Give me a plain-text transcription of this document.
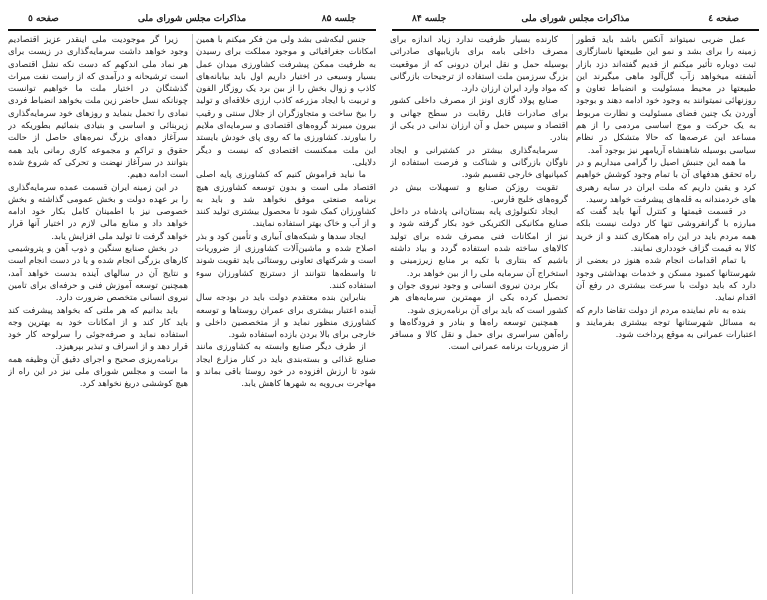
جلسه ۸۵
مذاکرات مجلس شورای ملی
صفحه ٥

زیرا گر موجودیت ملی اینقدر عزیز اقتصادیم وجود خواهد داشت سرمایه‌گذاری در زیست برای هر نماد ملی اندکهم که دست نکه نشل اقتصادی است ترشیحانه و درآمدی که از راست نفت میراث گذشتگان در اختیار ملت ما خواهیم توانست چونانکه نسل حاضر زین ملت بخواهد انضباط فردی نمادی را تحمل بنماید و روزهای خود سرمایه‌گذاری زیربنائی و اساسی و بنیادی بنمائیم بطوریکه در سرآغاز دهه‌ای بزرگ نمره‌های حاصل از حالت حقوق و تراکم و مجموعه کاری رمانی باید همه بتوانند در سرآغاز نهضت و تحرکی که شروع شده است ادامه دهیم.

در این زمینه ایران قسمت عمده سرمایه‌گذاری را بر عهده دولت و بخش عمومی گذاشته و بخش خصوصی نیز با اطمینان کامل بکار خود ادامه خواهد داد و منابع مالی لازم در اختیار آنها قرار خواهد گرفت تا تولید ملی افزایش یابد.

در بخش صنایع سنگین و ذوب آهن و پتروشیمی کارهای بزرگی انجام شده و یا در دست انجام است و نتایج آن در سالهای آینده بدست خواهد آمد، همچنین توسعه آموزش فنی و حرفه‌ای برای تامین نیروی انسانی متخصص ضرورت دارد.

باید بدانیم که هر ملتی که بخواهد پیشرفت کند باید کار کند و از امکانات خود به بهترین وجه استفاده نماید و صرفه‌جوئی را سرلوحه کار خود قرار دهد و از اسراف و تبذیر بپرهیزد.

برنامه‌ریزی صحیح و اجرای دقیق آن وظیفه همه ما است و مجلس شورای ملی نیز در این راه از هیچ کوششی دریغ نخواهد کرد.

جنس لبکه‌شی بشد ولی من فکر میکنم با همین امکانات جغرافیائی و موجود مملکت برای رسیدن به ظرفیت ممکن پیشرفت کشاورزی میدان عمل بسیار وسیعی در اختیار داریم اول باید بیابانه‌های کاذب و زوال بخش را از بین برد یک روزگار الفون و تربیت با ایجاد مزرعه کاذب ارزی خلاقه‌ای و تولید را بیخ ساخت و متجاوزگران از جلال سنتی و رقیب بیرون میبرند گروه‌های اقتصادی و سرمایه‌ای ملایم را بیاورند. کشاورزی ما که روی پای خودش بایستد این ملت ممکنست اقتصادی که نیست و دیگر دلایلی.

ما نباید فراموش کنیم که کشاورزی پایه اصلی اقتصاد ملی است و بدون توسعه کشاورزی هیچ برنامه صنعتی موفق نخواهد شد و باید به کشاورزان کمک شود تا محصول بیشتری تولید کنند و از آب و خاک بهتر استفاده نمایند.

ایجاد سدها و شبکه‌های آبیاری و تأمین کود و بذر اصلاح شده و ماشین‌آلات کشاورزی از ضروریات است و شرکتهای تعاونی روستائی باید تقویت شوند تا واسطه‌ها نتوانند از دسترنج کشاورزان سوء استفاده کنند.

بنابراین بنده معتقدم دولت باید در بودجه سال آینده اعتبار بیشتری برای عمران روستاها و توسعه کشاورزی منظور نماید و از متخصصین داخلی و خارجی برای بالا بردن بازده استفاده شود.

از طرف دیگر صنایع وابسته به کشاورزی مانند صنایع غذائی و بسته‌بندی باید در کنار مزارع ایجاد شود تا ارزش افزوده در خود روستا باقی بماند و مهاجرت بی‌رویه به شهرها کاهش یابد.

صفحه ٤
مذاکرات مجلس شورای ملی
جلسه ۸۴

کارنده بسیار ظرفیت ندارد زیاد اندازه برای مصرف داخلی بامه برای بازیابیهای صادراتی بوسیله حمل و نقل ایران درونی که از موقعیت بزرگ سرزمین ملت استفاده از ترجیحات بازرگانی که مواد وارد ایران ارزان دارد.

صنایع پولاد گازی اونز از مصرف داخلی کشور برای صادرات قابل رقابت در سطح جهانی و اقتصاد و سپس حمل و آن ارزان ندانی در یکی از بنادر.

سرمایه‌گذاری بیشتر در کشتیرانی و ایجاد ناوگان بازرگانی و شناکت و فرصت استفاده از کمپانیهای خارجی تقسیم شود.

تقویت روزکن صنایع و تسهیلات بیش در گروه‌های خلیج فارس.

ایجاد تکنولوژی پایه بستان‌انی پادشاه در داخل صنایع مکانیکی الکتریکی خود بکار گرفته شود و نیز از امکانات فنی مصرف شده برای تولید کالاهای ساخته شده استفاده گردد و بیاد داشته باشیم که بنتاری با تکیه بر منابع زیرزمینی و استخراج آن سرمایه ملی را از بین خواهد برد.

بکار بردن نیروی انسانی و وجود نیروی جوان و تحصیل کرده یکی از مهمترین سرمایه‌های هر کشور است که باید برای آن برنامه‌ریزی شود.

همچنین توسعه راه‌ها و بنادر و فرودگاه‌ها و راه‌آهن سراسری برای حمل و نقل کالا و مسافر از ضروریات برنامه عمرانی است.

عمل ضربی نمیتواند آنکس باشد باید قطور زمینه را برای بشد و نمو این طبیعتها ناسازگاری ثبت دوباره تأثیر میکنم از قدیم گفته‌اند دزد بازار آشفته میخواهد زآب گل‌آلود ماهی میگیرند این طبیعتها در محیط مسئولیت و انضباط تعاون و روزنهائی نمیتوانند به وجود خود ادامه دهند و بوجود آوردن یک چنین فضای مسئولیت و نظارت مربوط به یک حرکت و موج اساسی مردمی را از هم مساعد این عرصه‌ها که حالا متشکل در نظام سیاسی بوسیله شاهنشاه آریامهر نیز بوجود آمد.

ما همه این جنبش اصیل را گرامی میداریم و در راه تحقق هدفهای آن با تمام وجود کوشش خواهیم کرد و یقین داریم که ملت ایران در سایه رهبری های خردمندانه به قله‌های پیشرفت خواهد رسید.

در قسمت قیمتها و کنترل آنها باید گفت که مبارزه با گرانفروشی تنها کار دولت نیست بلکه همه مردم باید در این راه همکاری کنند و از خرید کالا به قیمت گزاف خودداری نمایند.

با تمام اقدامات انجام شده هنوز در بعضی از شهرستانها کمبود مسکن و خدمات بهداشتی وجود دارد که باید دولت با سرعت بیشتری در رفع آن اقدام نماید.

بنده به نام نماینده مردم از دولت تقاضا دارم که به مسائل شهرستانها توجه بیشتری بفرمایند و اعتبارات عمرانی به موقع پرداخت شود.
